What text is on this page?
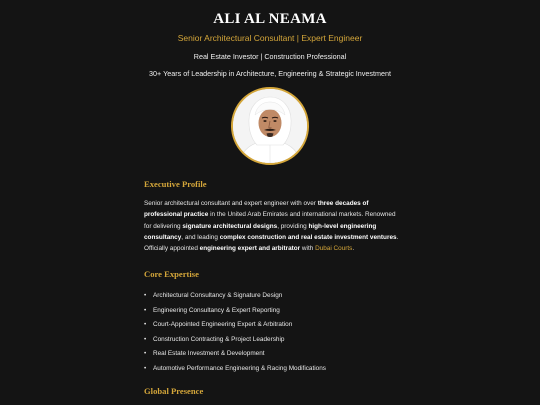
ALI AL NEAMA
Senior Architectural Consultant | Expert Engineer
Real Estate Investor | Construction Professional
30+ Years of Leadership in Architecture, Engineering & Strategic Investment
Executive Profile
Senior architectural consultant and expert engineer with over three decades of professional practice in the United Arab Emirates and international markets. Renowned for delivering signature architectural designs, providing high-level engineering consultancy, and leading complex construction and real estate investment ventures. Officially appointed engineering expert and arbitrator with Dubai Courts.
Core Expertise
• Architectural Consultancy & Signature Design
• Engineering Consultancy & Expert Reporting
• Court-Appointed Engineering Expert & Arbitration
• Construction Contracting & Project Leadership
• Real Estate Investment & Development
• Automotive Performance Engineering & Racing Modifications
Global Presence
